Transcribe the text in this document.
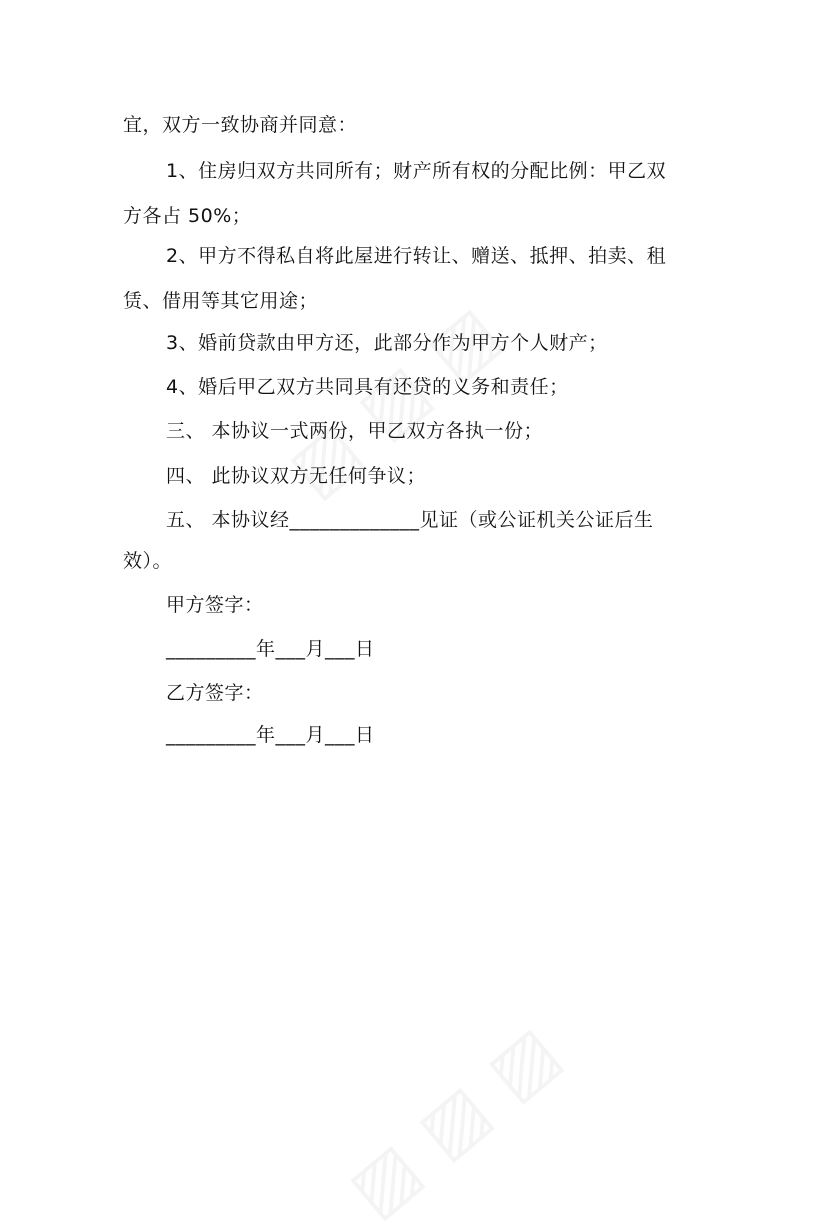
宜，双方一致协商并同意：
1、住房归双方共同所有；财产所有权的分配比例：甲乙双
方各占 50%；
2、甲方不得私自将此屋进行转让、赠送、抵押、拍卖、租
赁、借用等其它用途；
3、婚前贷款由甲方还，此部分作为甲方个人财产；
4、婚后甲乙双方共同具有还贷的义务和责任；
三、 本协议一式两份，甲乙双方各执一份；
四、 此协议双方无任何争议；
五、 本协议经_____________见证（或公证机关公证后生
效）。
甲方签字：
_________年___月___日
乙方签字：
_________年___月___日
